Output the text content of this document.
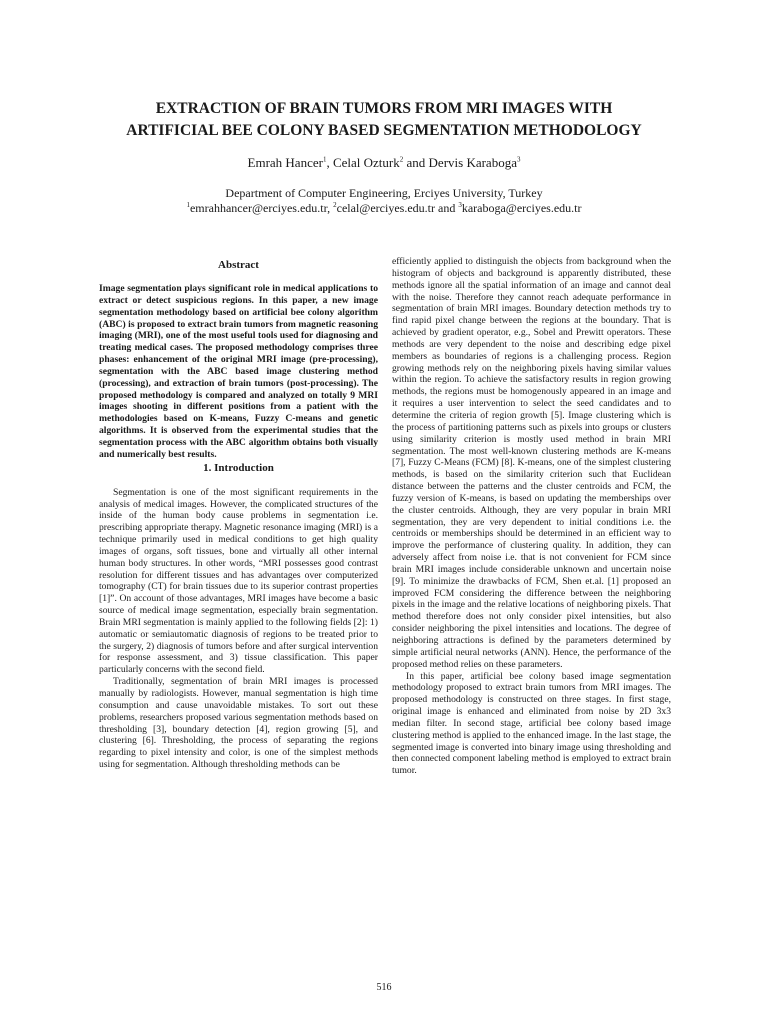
EXTRACTION OF BRAIN TUMORS FROM MRI IMAGES WITH
ARTIFICIAL BEE COLONY BASED SEGMENTATION METHODOLOGY
Emrah Hancer$^1$, Celal Ozturk$^2$ and Dervis Karaboga$^3$
Department of Computer Engineering, Erciyes University, Turkey
$^1$emrahhancer@erciyes.edu.tr, $^2$celal@erciyes.edu.tr and $^3$karaboga@erciyes.edu.tr
Abstract

Image segmentation plays significant role in medical applications to extract or detect suspicious regions. In this paper, a new image segmentation methodology based on artificial bee colony algorithm (ABC) is proposed to extract brain tumors from magnetic reasoning imaging (MRI), one of the most useful tools used for diagnosing and treating medical cases. The proposed methodology comprises three phases: enhancement of the original MRI image (pre-processing), segmentation with the ABC based image clustering method (processing), and extraction of brain tumors (post-processing). The proposed methodology is compared and analyzed on totally 9 MRI images shooting in different positions from a patient with the methodologies based on K-means, Fuzzy C-means and genetic algorithms. It is observed from the experimental studies that the segmentation process with the ABC algorithm obtains both visually and numerically best results.

1. Introduction

Segmentation is one of the most significant requirements in the analysis of medical images. However, the complicated structures of the inside of the human body cause problems in segmentation i.e. prescribing appropriate therapy. Magnetic resonance imaging (MRI) is a technique primarily used in medical conditions to get high quality images of organs, soft tissues, bone and virtually all other internal human body structures. In other words, “MRI possesses good contrast resolution for different tissues and has advantages over computerized tomography (CT) for brain tissues due to its superior contrast properties [1]”. On account of those advantages, MRI images have become a basic source of medical image segmentation, especially brain segmentation. Brain MRI segmentation is mainly applied to the following fields [2]: 1) automatic or semiautomatic diagnosis of regions to be treated prior to the surgery, 2) diagnosis of tumors before and after surgical intervention for response assessment, and 3) tissue classification. This paper particularly concerns with the second field.

Traditionally, segmentation of brain MRI images is processed manually by radiologists. However, manual segmentation is high time consumption and cause unavoidable mistakes. To sort out these problems, researchers proposed various segmentation methods based on thresholding [3], boundary detection [4], region growing [5], and clustering [6]. Thresholding, the process of separating the regions regarding to pixel intensity and color, is one of the simplest methods using for segmentation. Although thresholding methods can be

efficiently applied to distinguish the objects from background when the histogram of objects and background is apparently distributed, these methods ignore all the spatial information of an image and cannot deal with the noise. Therefore they cannot reach adequate performance in segmentation of brain MRI images. Boundary detection methods try to find rapid pixel change between the regions at the boundary. That is achieved by gradient operator, e.g., Sobel and Prewitt operators. These methods are very dependent to the noise and describing edge pixel members as boundaries of regions is a challenging process. Region growing methods rely on the neighboring pixels having similar values within the region. To achieve the satisfactory results in region growing methods, the regions must be homogenously appeared in an image and it requires a user intervention to select the seed candidates and to determine the criteria of region growth [5]. Image clustering which is the process of partitioning patterns such as pixels into groups or clusters using similarity criterion is mostly used method in brain MRI segmentation. The most well-known clustering methods are K-means [7], Fuzzy C-Means (FCM) [8]. K-means, one of the simplest clustering methods, is based on the similarity criterion such that Euclidean distance between the patterns and the cluster centroids and FCM, the fuzzy version of K-means, is based on updating the memberships over the cluster centroids. Although, they are very popular in brain MRI segmentation, they are very dependent to initial conditions i.e. the centroids or memberships should be determined in an efficient way to improve the performance of clustering quality. In addition, they can adversely affect from noise i.e. that is not convenient for FCM since brain MRI images include considerable unknown and uncertain noise [9]. To minimize the drawbacks of FCM, Shen et.al. [1] proposed an improved FCM considering the difference between the neighboring pixels in the image and the relative locations of neighboring pixels. That method therefore does not only consider pixel intensities, but also consider neighboring the pixel intensities and locations. The degree of neighboring attractions is defined by the parameters determined by simple artificial neural networks (ANN). Hence, the performance of the proposed method relies on these parameters.

In this paper, artificial bee colony based image segmentation methodology proposed to extract brain tumors from MRI images. The proposed methodology is constructed on three stages. In first stage, original image is enhanced and eliminated from noise by 2D 3x3 median filter. In second stage, artificial bee colony based image clustering method is applied to the enhanced image. In the last stage, the segmented image is converted into binary image using thresholding and then connected component labeling method is employed to extract brain tumor.

516
